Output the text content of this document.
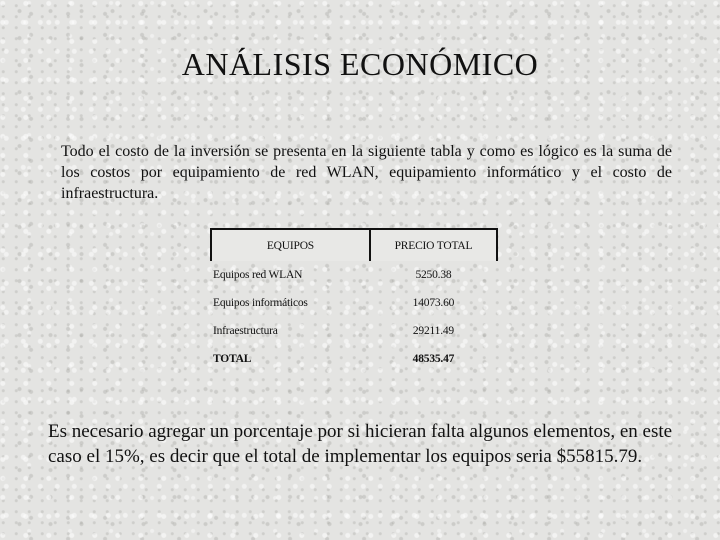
ANÁLISIS ECONÓMICO

Todo el costo de la inversión se presenta en la siguiente tabla y como es lógico es la suma de los costos por equipamiento de red WLAN, equipamiento informático y el costo de infraestructura.

EQUIPOS	PRECIO TOTAL
Equipos red WLAN	5250.38
Equipos informáticos	14073.60
Infraestructura	29211.49
TOTAL	48535.47

Es necesario agregar un porcentaje por si hicieran falta algunos elementos, en este caso el 15%, es decir que el total de implementar los equipos seria $55815.79.
